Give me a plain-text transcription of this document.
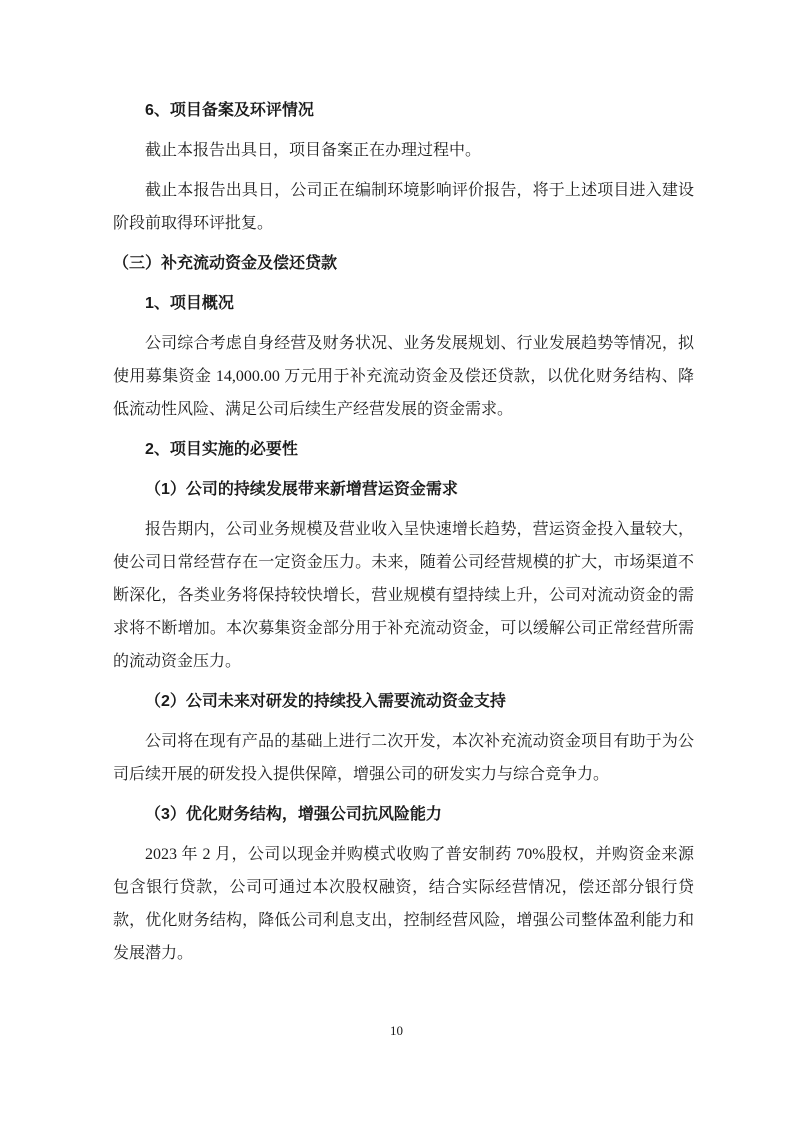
6、项目备案及环评情况

截止本报告出具日，项目备案正在办理过程中。

截止本报告出具日，公司正在编制环境影响评价报告，将于上述项目进入建设阶段前取得环评批复。

（三）补充流动资金及偿还贷款

1、项目概况

公司综合考虑自身经营及财务状况、业务发展规划、行业发展趋势等情况，拟使用募集资金 14,000.00 万元用于补充流动资金及偿还贷款，以优化财务结构、降低流动性风险、满足公司后续生产经营发展的资金需求。

2、项目实施的必要性

（1）公司的持续发展带来新增营运资金需求

报告期内，公司业务规模及营业收入呈快速增长趋势，营运资金投入量较大，使公司日常经营存在一定资金压力。未来，随着公司经营规模的扩大，市场渠道不断深化，各类业务将保持较快增长，营业规模有望持续上升，公司对流动资金的需求将不断增加。本次募集资金部分用于补充流动资金，可以缓解公司正常经营所需的流动资金压力。

（2）公司未来对研发的持续投入需要流动资金支持

公司将在现有产品的基础上进行二次开发，本次补充流动资金项目有助于为公司后续开展的研发投入提供保障，增强公司的研发实力与综合竞争力。

（3）优化财务结构，增强公司抗风险能力

2023 年 2 月，公司以现金并购模式收购了普安制药 70%股权，并购资金来源包含银行贷款，公司可通过本次股权融资，结合实际经营情况，偿还部分银行贷款，优化财务结构，降低公司利息支出，控制经营风险，增强公司整体盈利能力和发展潜力。

10
